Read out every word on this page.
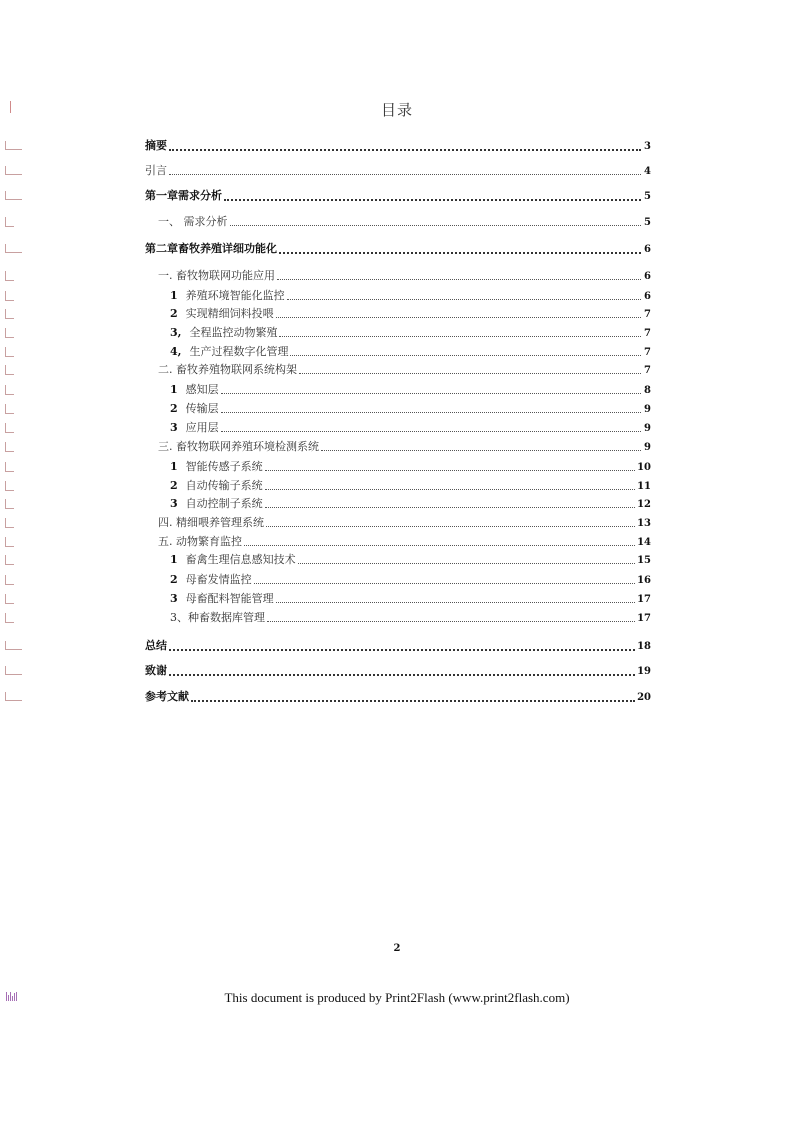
目录
摘要	3
引言	4
第一章需求分析	5
一、 需求分析	5
第二章畜牧养殖详细功能化	6
一. 畜牧物联网功能应用	6
1 养殖环境智能化监控	6
2 实现精细饲料投喂	7
3, 全程监控动物繁殖	7
4, 生产过程数字化管理	7
二. 畜牧养殖物联网系统构架	7
1 感知层	8
2 传输层	9
3 应用层	9
三. 畜牧物联网养殖环境检测系统	9
1 智能传感子系统	10
2 自动传输子系统	11
3 自动控制子系统	12
四. 精细喂养管理系统	13
五. 动物繁育监控	14
1 畜禽生理信息感知技术	15
2 母畜发情监控	16
3 母畜配料智能管理	17
3、种畜数据库管理	17
总结	18
致谢	19
参考文献	20
2
This document is produced by Print2Flash (www.print2flash.com)
